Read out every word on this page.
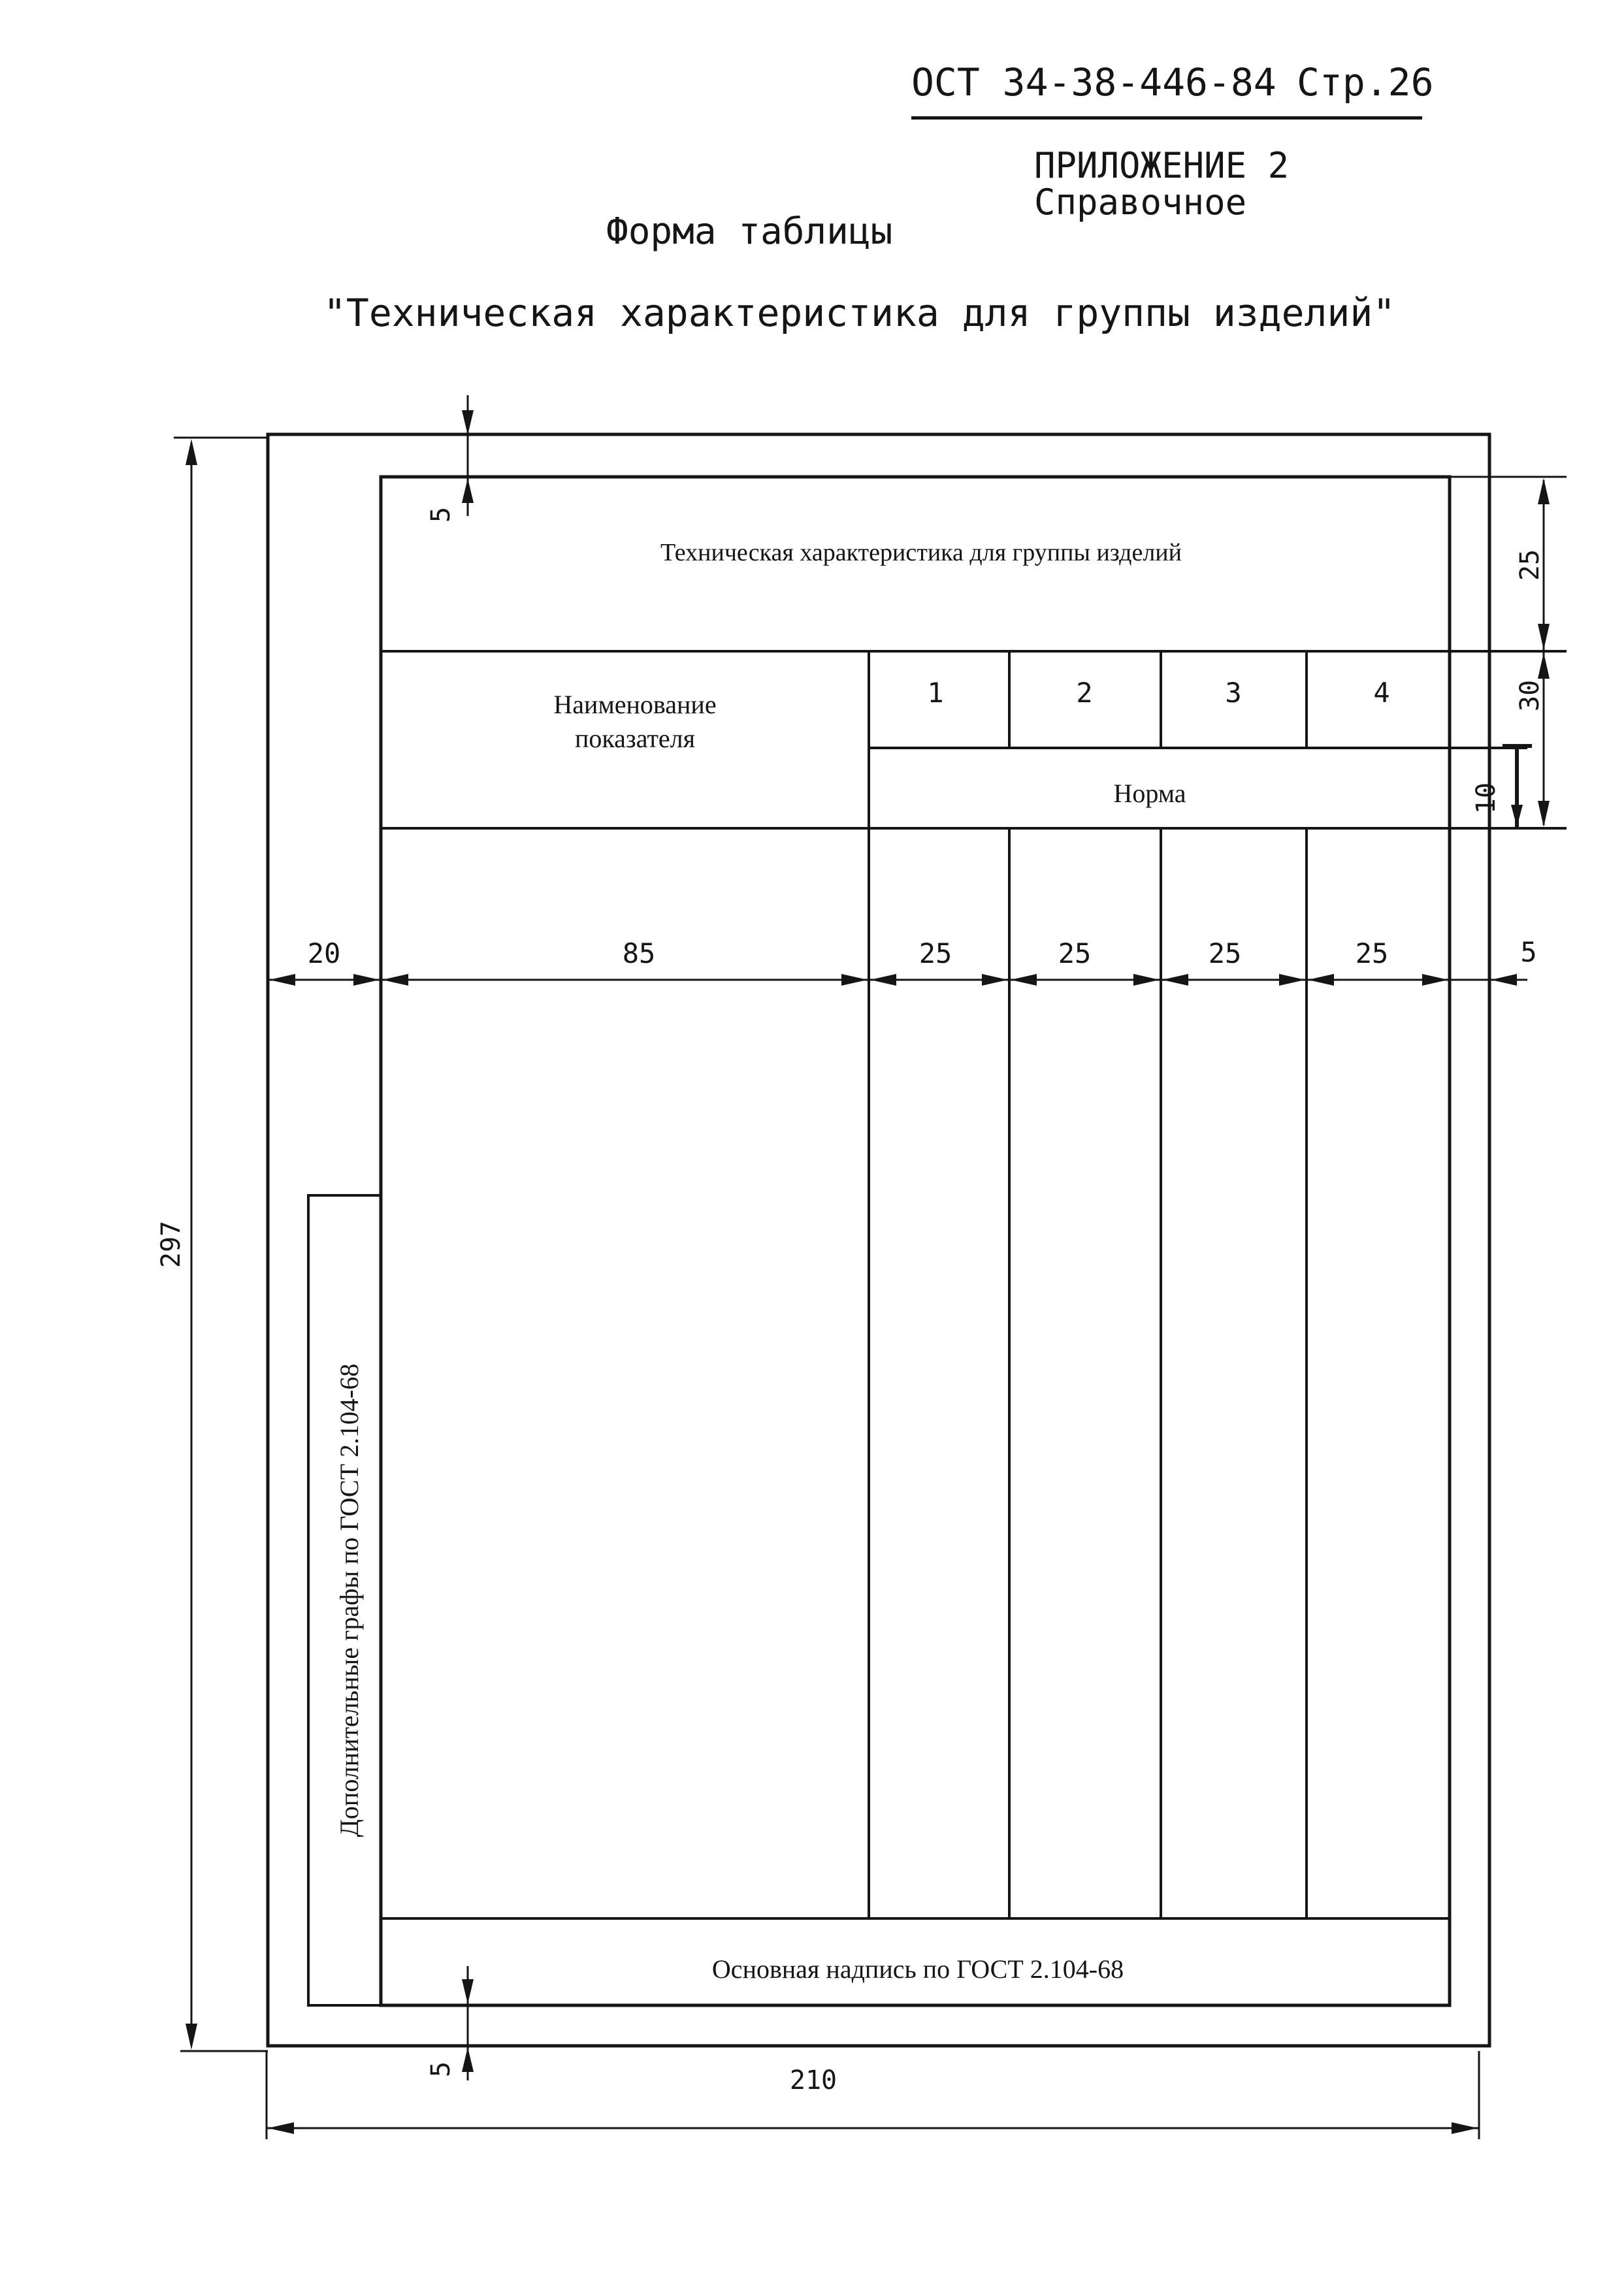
ОСТ 34-38-446-84 Стр.26
ПРИЛОЖЕНИЕ 2
Справочное
Форма таблицы
"Техническая характеристика для группы изделий"
Техническая характеристика для группы изделий
Наименование
показателя
1	2	3	4
Норма
Основная надпись по ГОСТ 2.104-68
Дополнительные графы по ГОСТ 2.104-68
297
210
20	85	25	25	25	25	5
5
5
25
30
10
